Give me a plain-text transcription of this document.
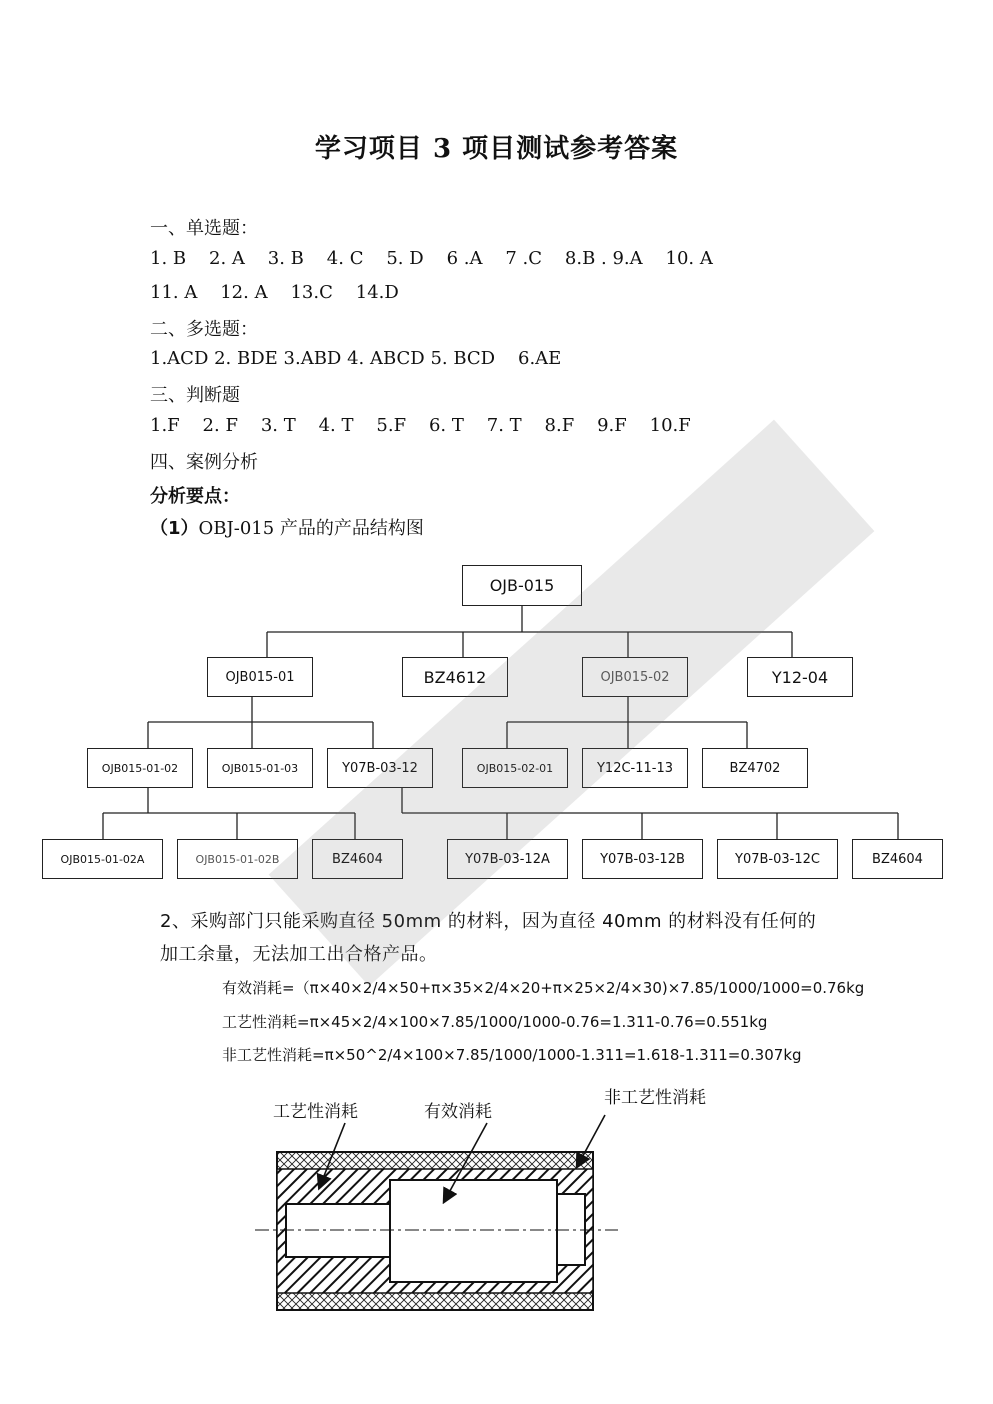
学习项目 3 项目测试参考答案
一、单选题：
1. B    2. A    3. B    4. C    5. D    6 .A    7 .C    8.B . 9.A    10. A
11. A    12. A    13.C    14.D
二、多选题：
1.ACD 2. BDE 3.ABD 4. ABCD 5. BCD    6.AE
三、判断题
1.F    2. F    3. T    4. T    5.F    6. T    7. T    8.F    9.F    10.F
四、案例分析
分析要点：
（1）OBJ-015 产品的产品结构图
OJB-015
OJB015-01	BZ4612	OJB015-02	Y12-04
OJB015-01-02	OJB015-01-03	Y07B-03-12	OJB015-02-01	Y12C-11-13	BZ4702
OJB015-01-02A	OJB015-01-02B	BZ4604	Y07B-03-12A	Y07B-03-12B	Y07B-03-12C	BZ4604
2、采购部门只能采购直径 50mm 的材料，因为直径 40mm 的材料没有任何的
加工余量，无法加工出合格产品。
有效消耗=（π×40×2/4×50+π×35×2/4×20+π×25×2/4×30)×7.85/1000/1000=0.76kg
工艺性消耗=π×45×2/4×100×7.85/1000/1000-0.76=1.311-0.76=0.551kg
非工艺性消耗=π×50^2/4×100×7.85/1000/1000-1.311=1.618-1.311=0.307kg
工艺性消耗	有效消耗
非工艺性消耗
